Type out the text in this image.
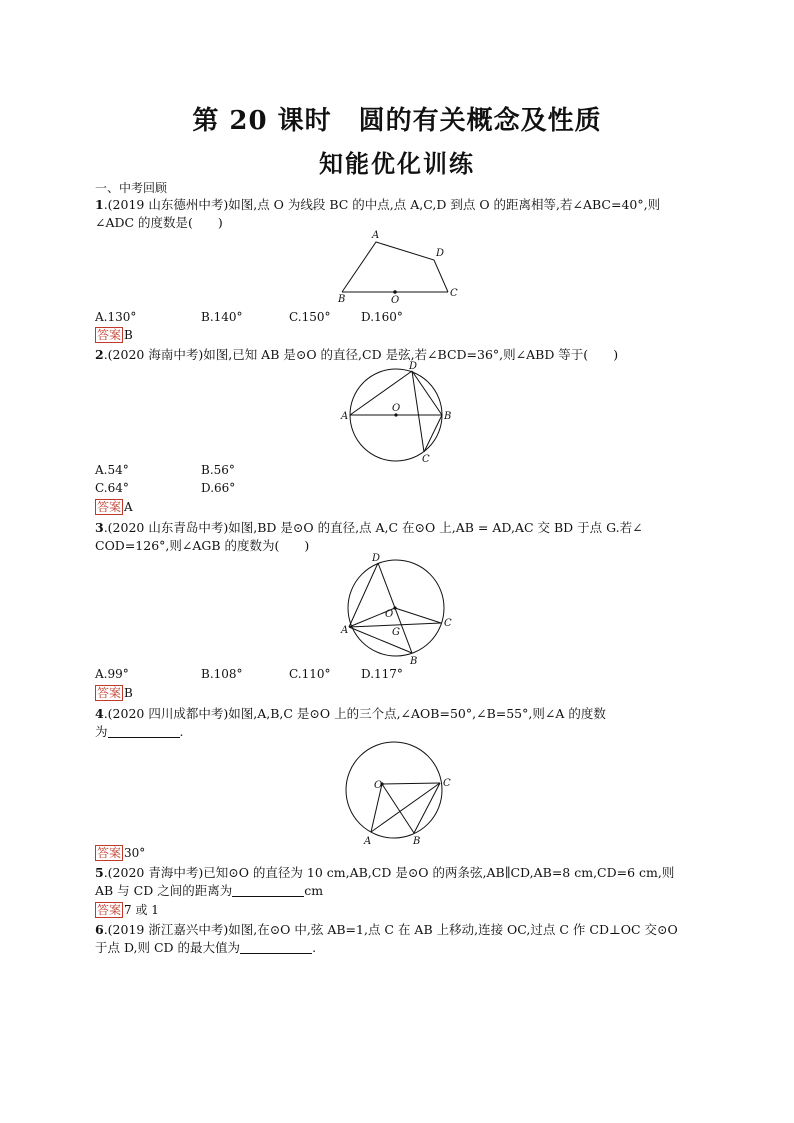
第 20 课时　圆的有关概念及性质
知能优化训练
一、中考回顾
1.(2019 山东德州中考)如图,点 O 为线段 BC 的中点,点 A,C,D 到点 O 的距离相等,若∠ABC=40°,则
∠ADC 的度数是(　　)
A
D
B	O
C
A.130°	B.140°	C.150°	D.160°
答案 B
2.(2020 海南中考)如图,已知 AB 是⊙O 的直径,CD 是弦,若∠BCD=36°,则∠ABD 等于(　　)
D
A
O
B
C
A.54°	B.56°
C.64°	D.66°
答案 A
3.(2020 山东青岛中考)如图,BD 是⊙O 的直径,点 A,C 在⊙O 上,AB = AD,AC 交 BD 于点 G.若∠
COD=126°,则∠AGB 的度数为(　　)
D
O
C
A	G
B
A.99°	B.108°	C.110°	D.117°
答案 B
4.(2020 四川成都中考)如图,A,B,C 是⊙O 上的三个点,∠AOB=50°,∠B=55°,则∠A 的度数
为	.
O	C
A	B
答案 30°
5.(2020 青海中考)已知⊙O 的直径为 10 cm,AB,CD 是⊙O 的两条弦,AB∥CD,AB=8 cm,CD=6 cm,则
AB 与 CD 之间的距离为	cm
答案 7 或 1
6.(2019 浙江嘉兴中考)如图,在⊙O 中,弦 AB=1,点 C 在 AB 上移动,连接 OC,过点 C 作 CD⊥OC 交⊙O
于点 D,则 CD 的最大值为	.
